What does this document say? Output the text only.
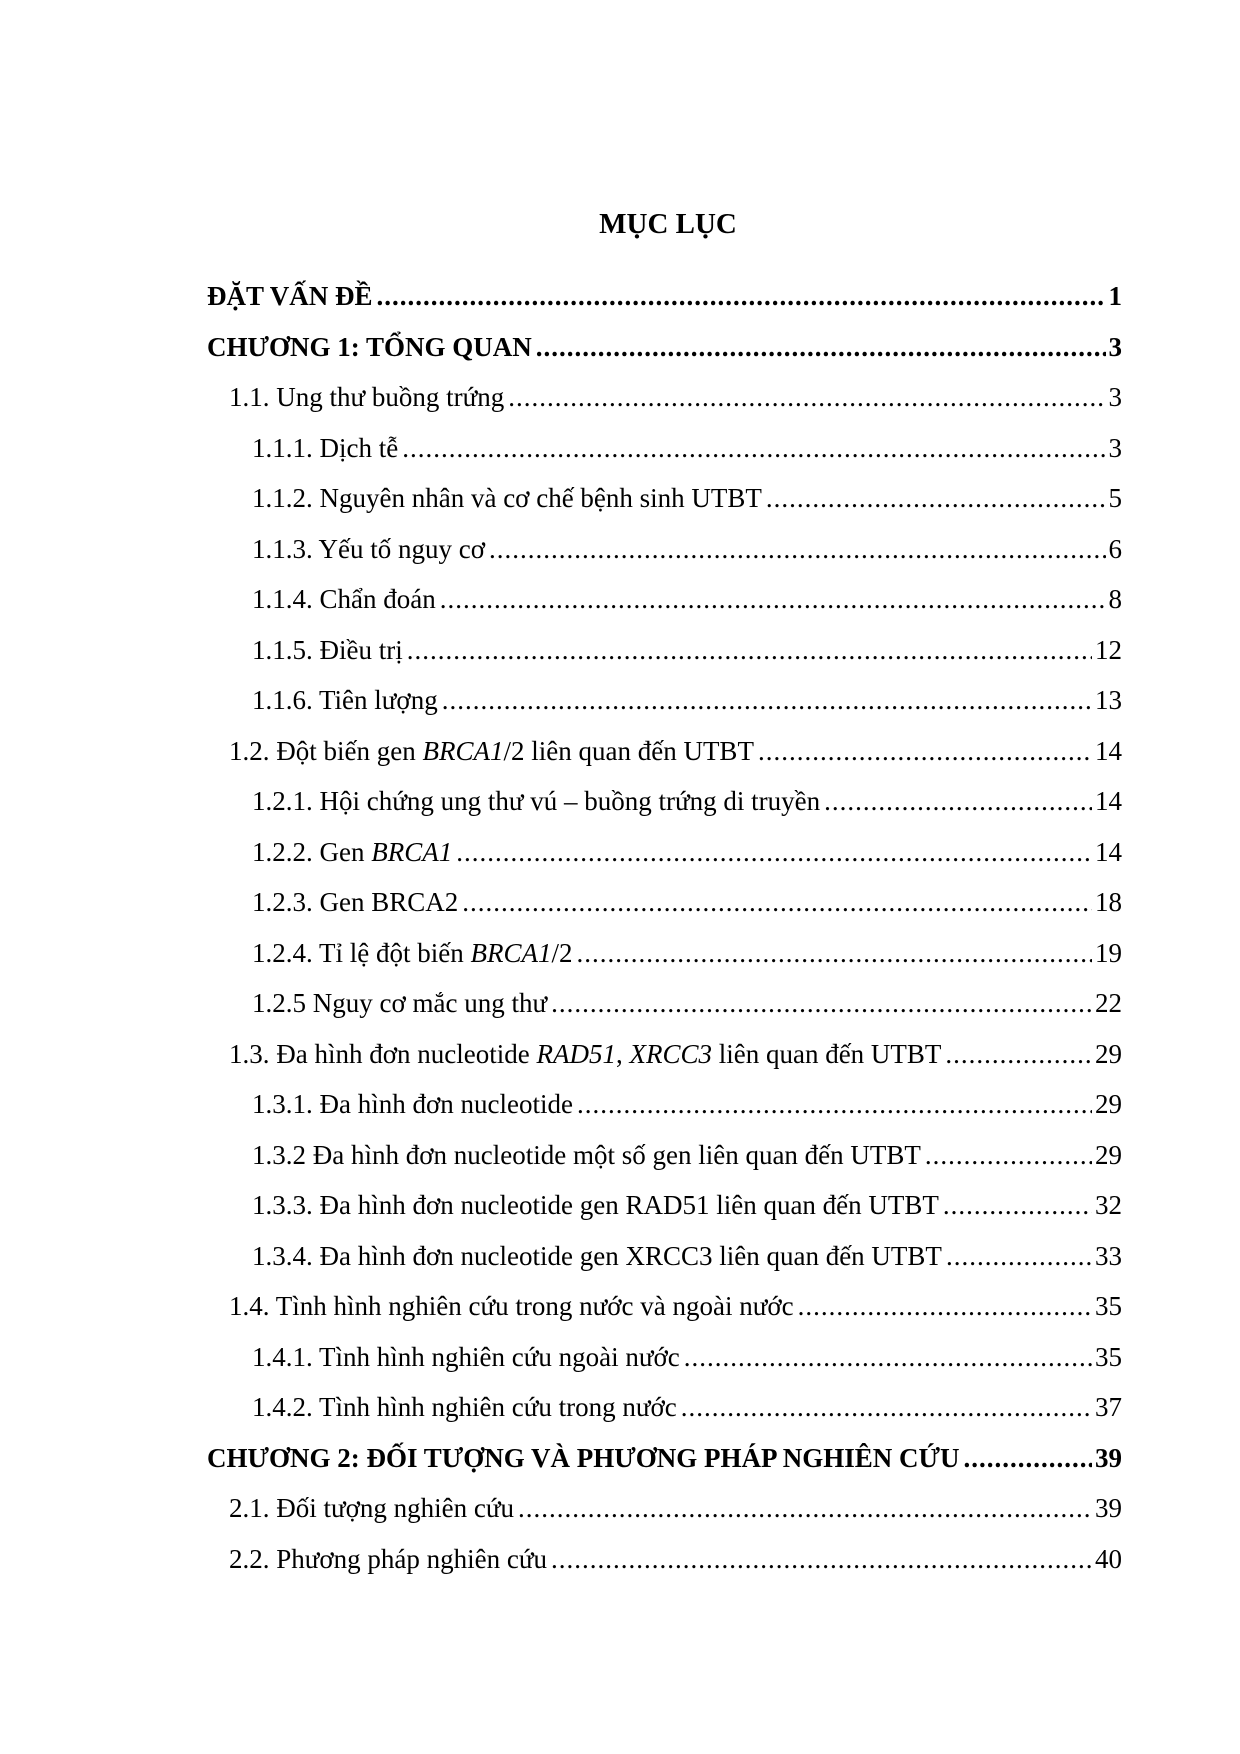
MỤC LỤC
ĐẶT VẤN ĐỀ .....	1
CHƯƠNG 1: TỔNG QUAN .....	3
1.1. Ung thư buồng trứng .....	3
1.1.1. Dịch tễ .....	3
1.1.2. Nguyên nhân và cơ chế bệnh sinh UTBT .....	5
1.1.3. Yếu tố nguy cơ .....	6
1.1.4. Chẩn đoán .....	8
1.1.5. Điều trị .....	12
1.1.6. Tiên lượng .....	13
1.2. Đột biến gen BRCA1/2 liên quan đến UTBT .....	14
1.2.1. Hội chứng ung thư vú – buồng trứng di truyền .....	14
1.2.2. Gen BRCA1 .....	14
1.2.3. Gen BRCA2 .....	18
1.2.4. Tỉ lệ đột biến BRCA1/2 .....	19
1.2.5 Nguy cơ mắc ung thư .....	22
1.3. Đa hình đơn nucleotide RAD51, XRCC3 liên quan đến UTBT .....	29
1.3.1. Đa hình đơn nucleotide .....	29
1.3.2 Đa hình đơn nucleotide một số gen liên quan đến UTBT .....	29
1.3.3. Đa hình đơn nucleotide gen RAD51 liên quan đến UTBT .....	32
1.3.4. Đa hình đơn nucleotide gen XRCC3 liên quan đến UTBT .....	33
1.4. Tình hình nghiên cứu trong nước và ngoài nước .....	35
1.4.1. Tình hình nghiên cứu ngoài nước .....	35
1.4.2. Tình hình nghiên cứu trong nước .....	37
CHƯƠNG 2: ĐỐI TƯỢNG VÀ PHƯƠNG PHÁP NGHIÊN CỨU .....	39
2.1. Đối tượng nghiên cứu .....	39
2.2. Phương pháp nghiên cứu .....	40
